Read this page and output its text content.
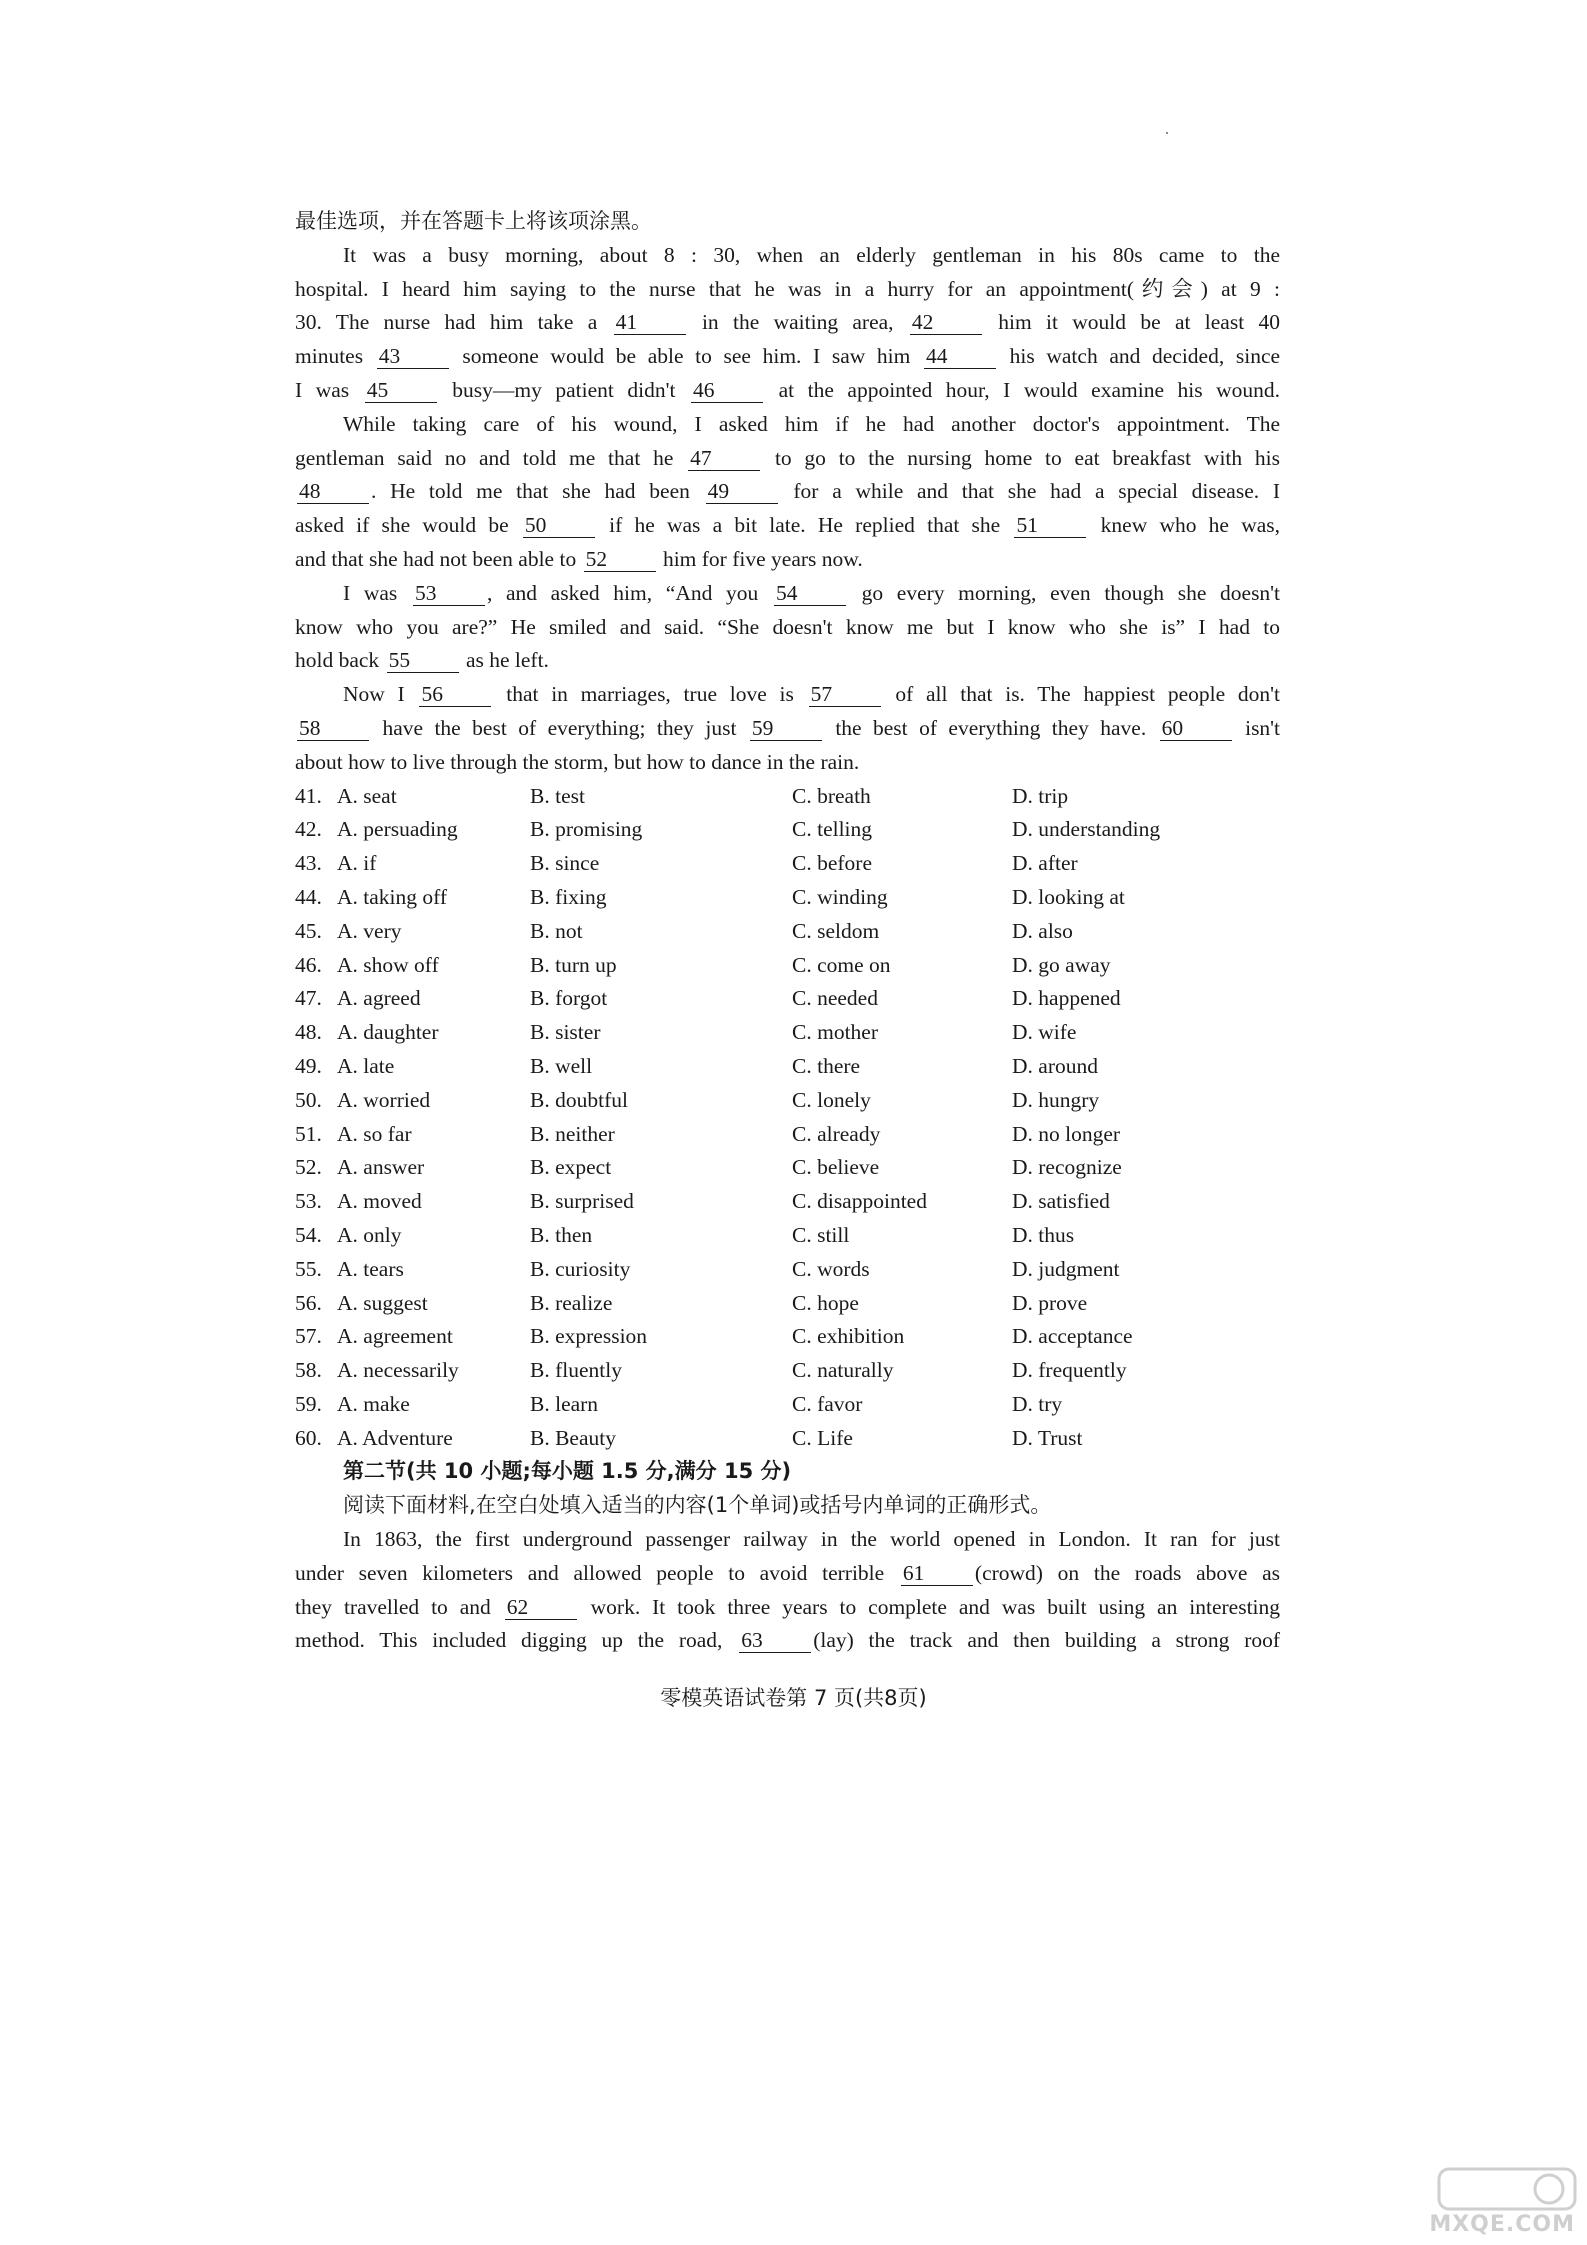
最佳选项，并在答题卡上将该项涂黑。
It was a busy morning, about 8 : 30, when an elderly gentleman in his 80s came to the
hospital. I heard him saying to the nurse that he was in a hurry for an appointment(约会) at 9 :
30. The nurse had him take a 41	in the waiting area, 42	him it would be at least 40
minutes 43	someone would be able to see him. I saw him 44	his watch and decided, since
I was 45	busy—my patient didn't 46	at the appointed hour, I would examine his wound.
While taking care of his wound, I asked him if he had another doctor's appointment. The
gentleman said no and told me that he 47	to go to the nursing home to eat breakfast with his
48 . He told me that she had been 49	for a while and that she had a special disease. I
asked if she would be 50	if he was a bit late. He replied that she 51	knew who he was,
and that she had not been able to 52	him for five years now.
I was 53 , and asked him, “And you 54	go every morning, even though she doesn't
know who you are?” He smiled and said. “She doesn't know me but I know who she is” I had to
hold back 55	as he left.
Now I 56	that in marriages, true love is 57	of all that is. The happiest people don't
58	have the best of everything; they just 59	the best of everything they have. 60	isn't
about how to live through the storm, but how to dance in the rain.
41. A. seat	B. test	C. breath	D. trip
42. A. persuading	B. promising	C. telling	D. understanding
43. A. if	B. since	C. before	D. after
44. A. taking off	B. fixing	C. winding	D. looking at
45. A. very	B. not	C. seldom	D. also
46. A. show off	B. turn up	C. come on	D. go away
47. A. agreed	B. forgot	C. needed	D. happened
48. A. daughter	B. sister	C. mother	D. wife
49. A. late	B. well	C. there	D. around
50. A. worried	B. doubtful	C. lonely	D. hungry
51. A. so far	B. neither	C. already	D. no longer
52. A. answer	B. expect	C. believe	D. recognize
53. A. moved	B. surprised	C. disappointed	D. satisfied
54. A. only	B. then	C. still	D. thus
55. A. tears	B. curiosity	C. words	D. judgment
56. A. suggest	B. realize	C. hope	D. prove
57. A. agreement	B. expression	C. exhibition	D. acceptance
58. A. necessarily	B. fluently	C. naturally	D. frequently
59. A. make	B. learn	C. favor	D. try
60. A. Adventure	B. Beauty	C. Life	D. Trust
第二节(共 10 小题;每小题 1.5 分,满分 15 分)
阅读下面材料,在空白处填入适当的内容(1个单词)或括号内单词的正确形式。
In 1863, the first underground passenger railway in the world opened in London. It ran for just
under seven kilometers and allowed people to avoid terrible 61 (crowd) on the roads above as
they travelled to and 62	work. It took three years to complete and was built using an interesting
method. This included digging up the road, 63 (lay) the track and then building a strong roof
零模英语试卷第 7 页(共8页)
MXQE.COM
